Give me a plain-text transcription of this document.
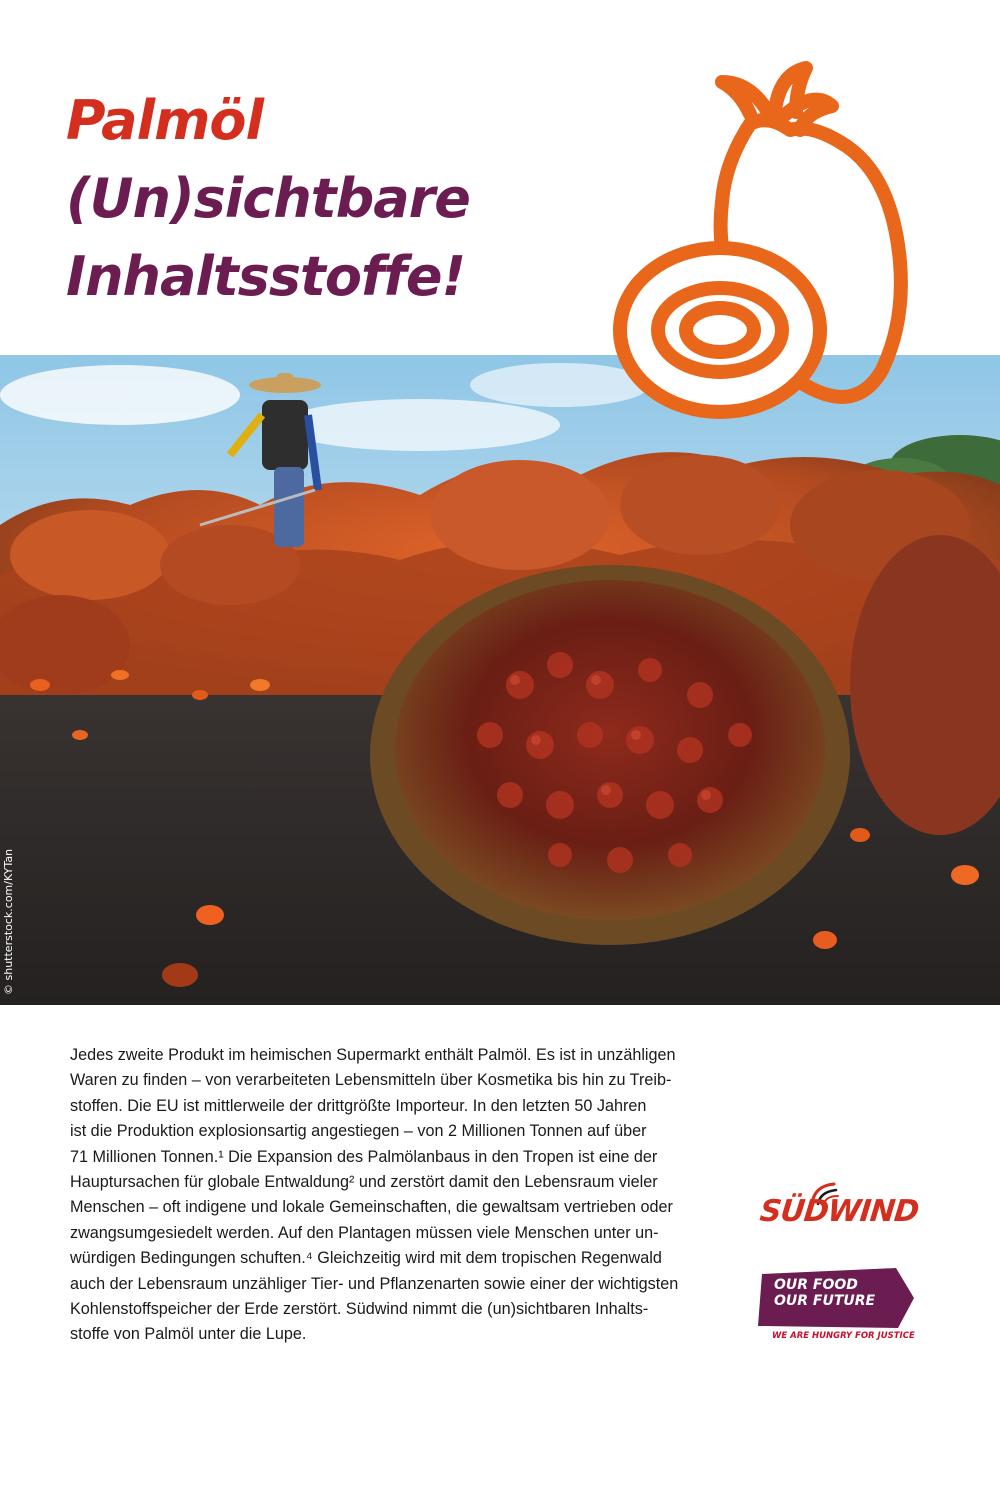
Palmöl
(Un)sichtbare
Inhaltsstoffe!
© shutterstock.com/KYTan
Jedes zweite Produkt im heimischen Supermarkt enthält Palmöl. Es ist in unzähligen
Waren zu finden – von verarbeiteten Lebensmitteln über Kosmetika bis hin zu Treib-
stoffen. Die EU ist mittlerweile der drittgrößte Importeur. In den letzten 50 Jahren
ist die Produktion explosionsartig angestiegen – von 2 Millionen Tonnen auf über
71 Millionen Tonnen.¹ Die Expansion des Palmölanbaus in den Tropen ist eine der
Hauptursachen für globale Entwaldung² und zerstört damit den Lebensraum vieler
Menschen – oft indigene und lokale Gemeinschaften, die gewaltsam vertrieben oder
zwangsumgesiedelt werden. Auf den Plantagen müssen viele Menschen unter un-
würdigen Bedingungen schuften.⁴ Gleichzeitig wird mit dem tropischen Regenwald
auch der Lebensraum unzähliger Tier- und Pflanzenarten sowie einer der wichtigsten
Kohlenstoffspeicher der Erde zerstört. Südwind nimmt die (un)sichtbaren Inhalts-
stoffe von Palmöl unter die Lupe.
SÜDWIND
OUR FOOD
OUR FUTURE
WE ARE HUNGRY FOR JUSTICE
